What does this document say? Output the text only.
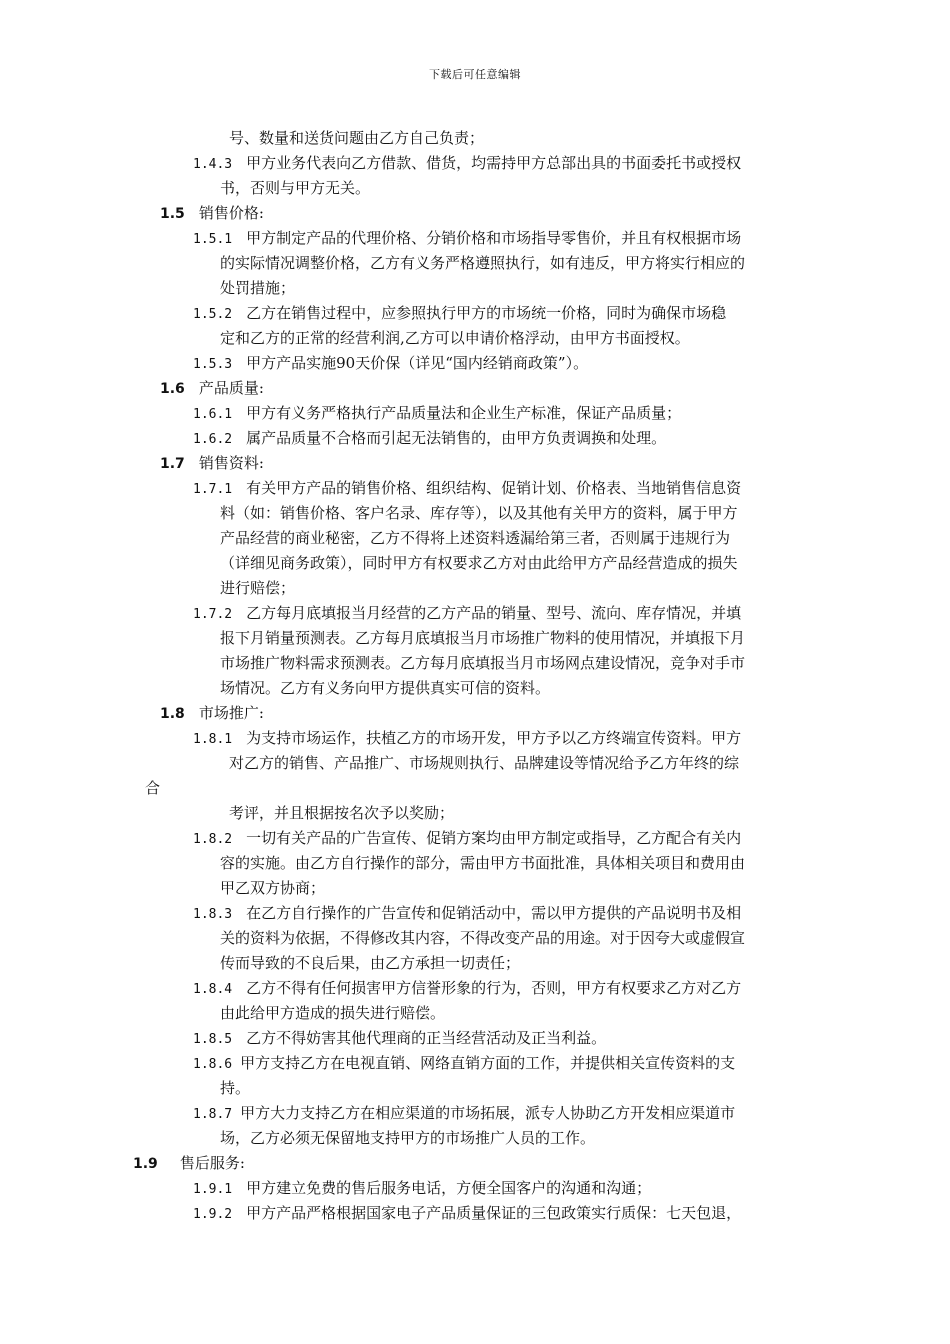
下载后可任意编辑
号、数量和送货问题由乙方自己负责；
1.4.3 甲方业务代表向乙方借款、借货，均需持甲方总部出具的书面委托书或授权
书，否则与甲方无关。
1.5 销售价格:
1.5.1 甲方制定产品的代理价格、分销价格和市场指导零售价，并且有权根据市场
的实际情况调整价格，乙方有义务严格遵照执行，如有违反，甲方将实行相应的
处罚措施；
1.5.2 乙方在销售过程中，应参照执行甲方的市场统一价格，同时为确保市场稳
定和乙方的正常的经营利润,乙方可以申请价格浮动，由甲方书面授权。
1.5.3 甲方产品实施90天价保（详见“国内经销商政策”）。
1.6 产品质量:
1.6.1 甲方有义务严格执行产品质量法和企业生产标准，保证产品质量；
1.6.2 属产品质量不合格而引起无法销售的，由甲方负责调换和处理。
1.7 销售资料:
1.7.1 有关甲方产品的销售价格、组织结构、促销计划、价格表、当地销售信息资
料（如：销售价格、客户名录、库存等），以及其他有关甲方的资料，属于甲方
产品经营的商业秘密，乙方不得将上述资料透漏给第三者，否则属于违规行为
（详细见商务政策），同时甲方有权要求乙方对由此给甲方产品经营造成的损失
进行赔偿；
1.7.2 乙方每月底填报当月经营的乙方产品的销量、型号、流向、库存情况，并填
报下月销量预测表。乙方每月底填报当月市场推广物料的使用情况，并填报下月
市场推广物料需求预测表。乙方每月底填报当月市场网点建设情况，竞争对手市
场情况。乙方有义务向甲方提供真实可信的资料。
1.8 市场推广:
1.8.1 为支持市场运作，扶植乙方的市场开发，甲方予以乙方终端宣传资料。甲方
对乙方的销售、产品推广、市场规则执行、品牌建设等情况给予乙方年终的综
合
考评，并且根据按名次予以奖励；
1.8.2 一切有关产品的广告宣传、促销方案均由甲方制定或指导，乙方配合有关内
容的实施。由乙方自行操作的部分，需由甲方书面批准，具体相关项目和费用由
甲乙双方协商；
1.8.3 在乙方自行操作的广告宣传和促销活动中，需以甲方提供的产品说明书及相
关的资料为依据，不得修改其内容，不得改变产品的用途。对于因夸大或虚假宣
传而导致的不良后果，由乙方承担一切责任；
1.8.4 乙方不得有任何损害甲方信誉形象的行为，否则，甲方有权要求乙方对乙方
由此给甲方造成的损失进行赔偿。
1.8.5 乙方不得妨害其他代理商的正当经营活动及正当利益。
1.8.6 甲方支持乙方在电视直销、网络直销方面的工作，并提供相关宣传资料的支
持。
1.8.7 甲方大力支持乙方在相应渠道的市场拓展，派专人协助乙方开发相应渠道市
场，乙方必须无保留地支持甲方的市场推广人员的工作。
1.9 售后服务:
1.9.1 甲方建立免费的售后服务电话，方便全国客户的沟通和沟通；
1.9.2 甲方产品严格根据国家电子产品质量保证的三包政策实行质保：七天包退，
